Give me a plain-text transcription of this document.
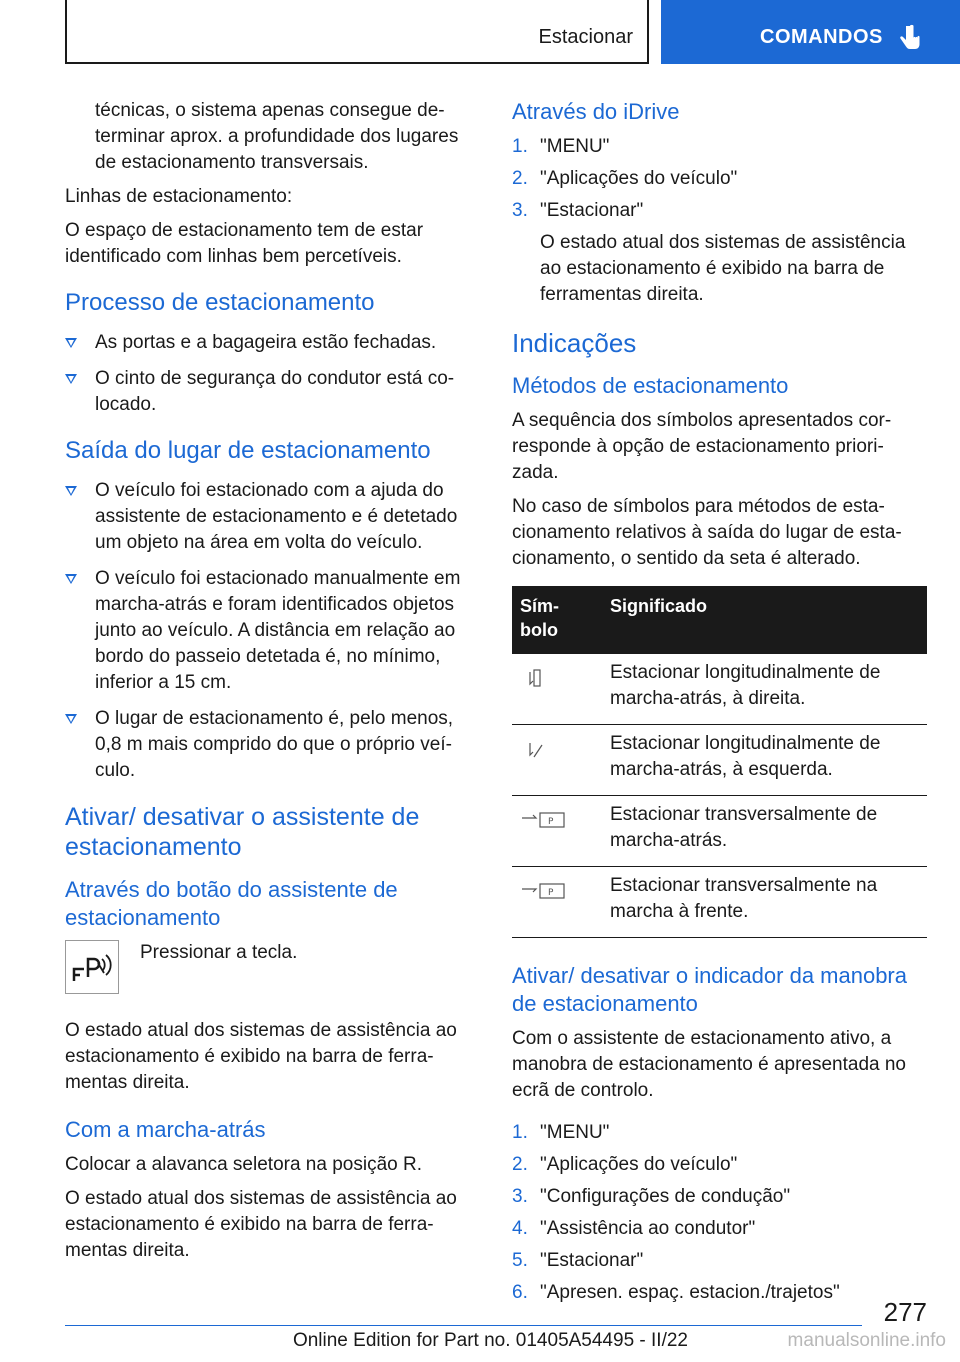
Estacionar	COMANDOS

técnicas, o sistema apenas consegue de-terminar aprox. a profundidade dos lugares de estacionamento transversais.

Linhas de estacionamento:

O espaço de estacionamento tem de estar identificado com linhas bem percetíveis.

Processo de estacionamento
As portas e a bagageira estão fechadas.
O cinto de segurança do condutor está co-locado.
Saída do lugar de estacionamento
O veículo foi estacionado com a ajuda do assistente de estacionamento e é detetado um objeto na área em volta do veículo.
O veículo foi estacionado manualmente em marcha-atrás e foram identificados objetos junto ao veículo. A distância em relação ao bordo do passeio detetada é, no mínimo, inferior a 15 cm.
O lugar de estacionamento é, pelo menos, 0,8 m mais comprido do que o próprio veí-culo.
Ativar/ desativar o assistente de estacionamento
Através do botão do assistente de estacionamento
Pressionar a tecla.

O estado atual dos sistemas de assistência ao estacionamento é exibido na barra de ferra-mentas direita.

Com a marcha-atrás

Colocar a alavanca seletora na posição R.

O estado atual dos sistemas de assistência ao estacionamento é exibido na barra de ferra-mentas direita.

Através do iDrive
1. "MENU"
2. "Aplicações do veículo"
3. "Estacionar"

O estado atual dos sistemas de assistência ao estacionamento é exibido na barra de ferramentas direita.

Indicações
Métodos de estacionamento

A sequência dos símbolos apresentados cor-responde à opção de estacionamento priori-zada.

No caso de símbolos para métodos de esta-cionamento relativos à saída do lugar de esta-cionamento, o sentido da seta é alterado.

Sím-bolo	Significado

	Estacionar longitudinalmente de marcha-atrás, à direita.

	Estacionar longitudinalmente de marcha-atrás, à esquerda.

P	Estacionar transversalmente de marcha-atrás.

P	Estacionar transversalmente na marcha à frente.
Ativar/ desativar o indicador da manobra de estacionamento

Com o assistente de estacionamento ativo, a manobra de estacionamento é apresentada no ecrã de controlo.

1. "MENU"
2. "Aplicações do veículo"
3. "Configurações de condução"
4. "Assistência ao condutor"
5. "Estacionar"
6. "Apresen. espaç. estacion./trajetos"
277
Online Edition for Part no. 01405A54495 - II/22	manualsonline.info
